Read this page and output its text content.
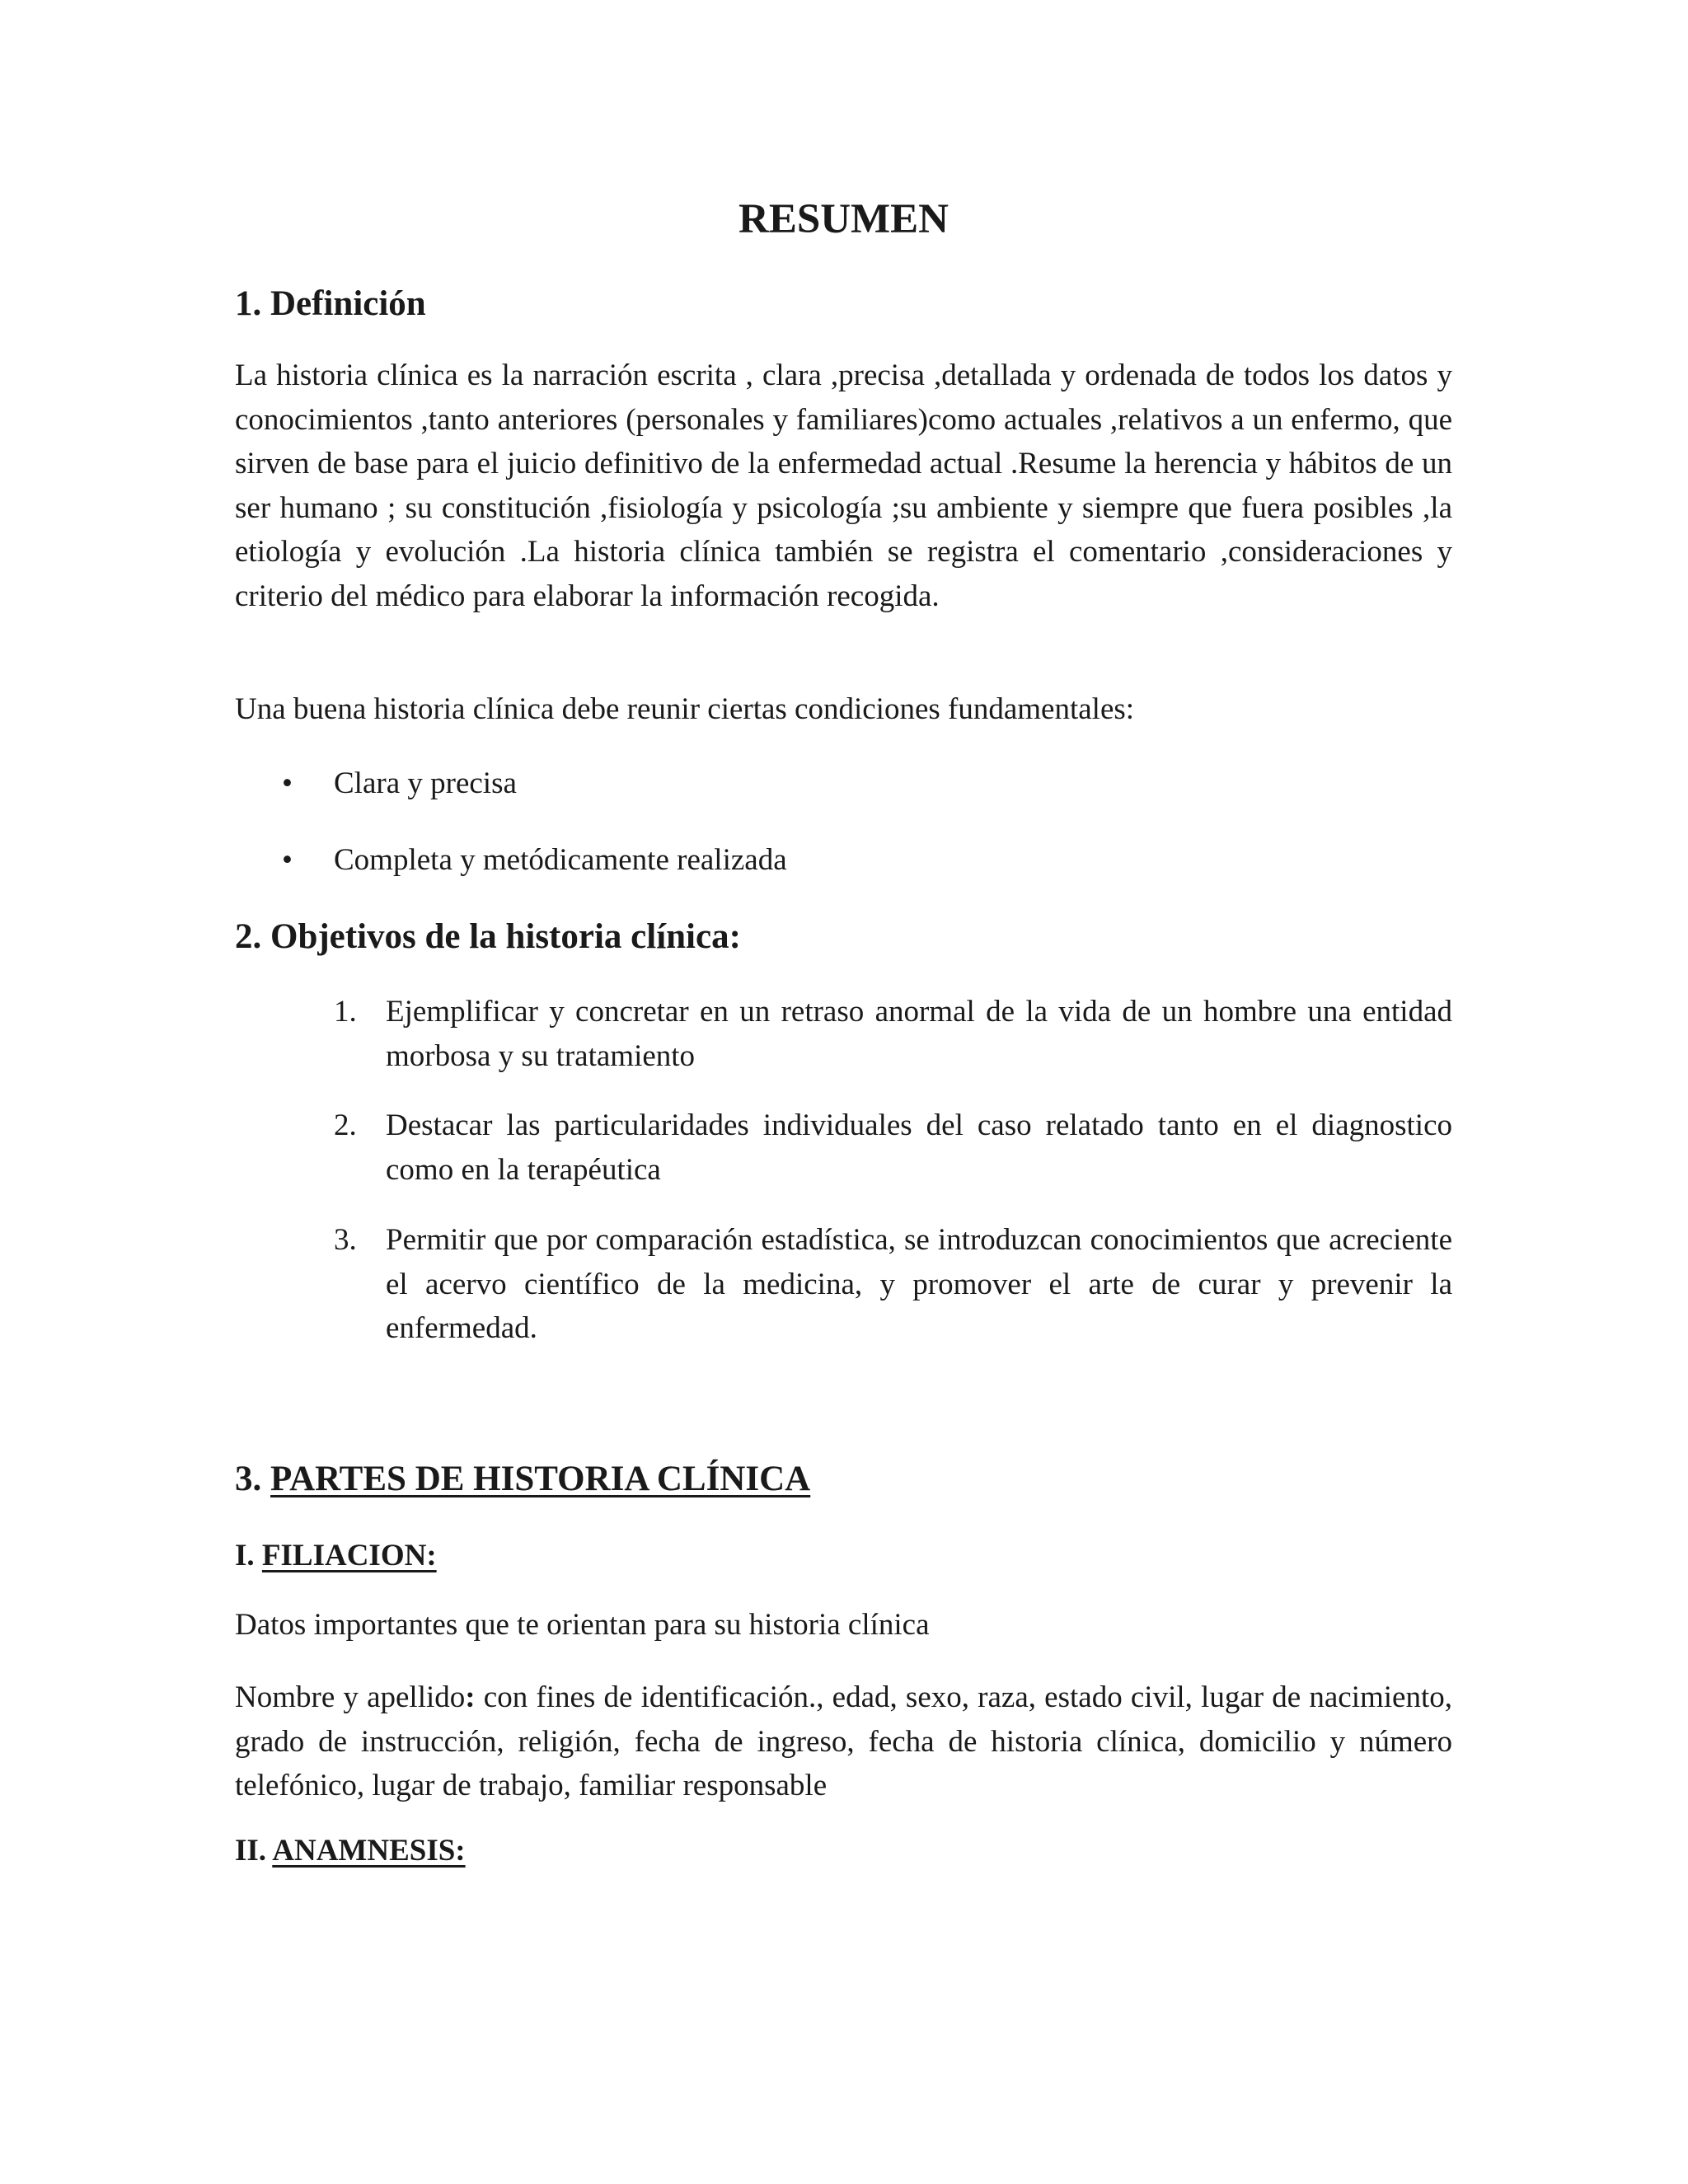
RESUMEN
1. Definición

La historia clínica es la narración escrita , clara ,precisa ,detallada y ordenada de todos los datos y conocimientos ,tanto anteriores (personales y familiares)como actuales ,relativos a un enfermo, que sirven de base para el juicio definitivo de la enfermedad actual .Resume la herencia y hábitos de un ser humano ; su constitución ,fisiología y psicología ;su ambiente y siempre que fuera posibles ,la etiología y evolución .La historia clínica también se registra el comentario ,consideraciones y criterio del médico para elaborar la información recogida.

Una buena historia clínica debe reunir ciertas condiciones fundamentales:

• Clara y precisa
• Completa y metódicamente realizada
2. Objetivos de la historia clínica:
1. Ejemplificar y concretar en un retraso anormal de la vida de un hombre una entidad morbosa y su tratamiento
2. Destacar las particularidades individuales del caso relatado tanto en el diagnostico como en la terapéutica
3. Permitir que por comparación estadística, se introduzcan conocimientos que acreciente el acervo científico de la medicina, y promover el arte de curar y prevenir la enfermedad.
3. PARTES DE HISTORIA CLÍNICA
I. FILIACION:

Datos importantes que te orientan para su historia clínica

Nombre y apellido: con fines de identificación., edad, sexo, raza, estado civil, lugar de nacimiento, grado de instrucción, religión, fecha de ingreso, fecha de historia clínica, domicilio y número telefónico, lugar de trabajo, familiar responsable

II. ANAMNESIS:
